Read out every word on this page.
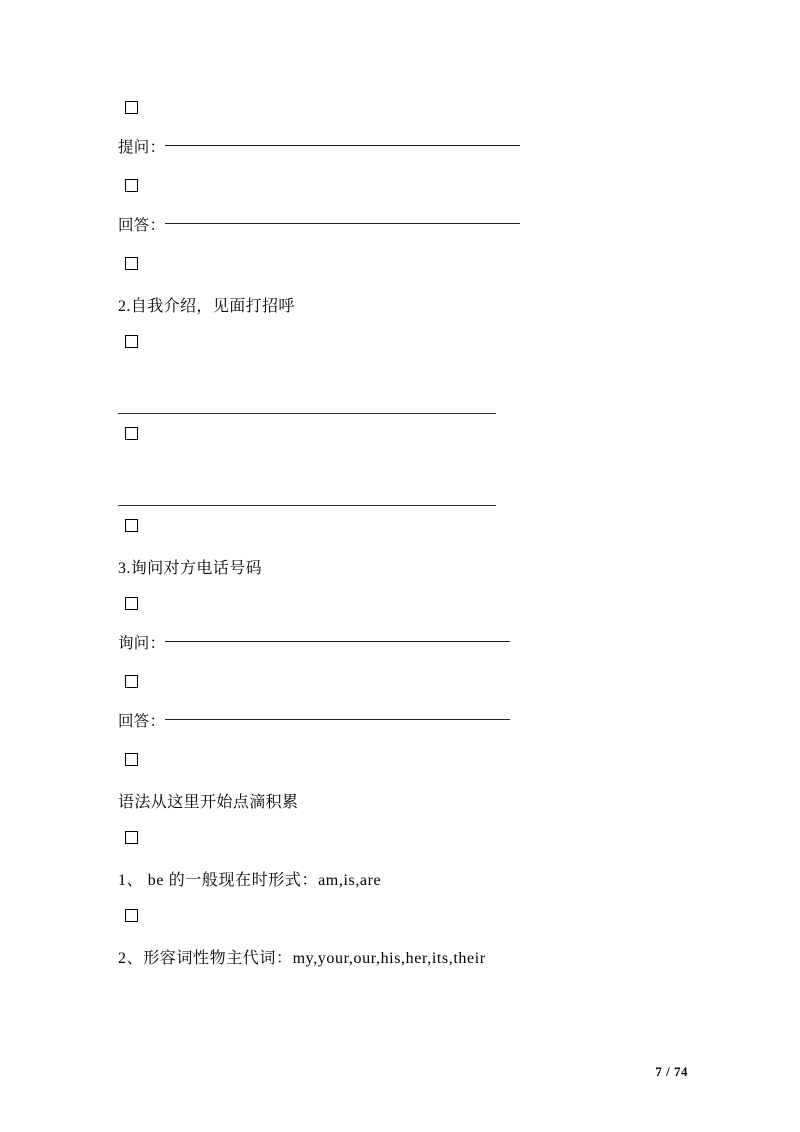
提问：
回答：
2.自我介绍，见面打招呼
3.询问对方电话号码
询问：
回答：
语法从这里开始点滴积累
1、 be 的一般现在时形式：am,is,are
2、形容词性物主代词：my,your,our,his,her,its,their
7 / 74
